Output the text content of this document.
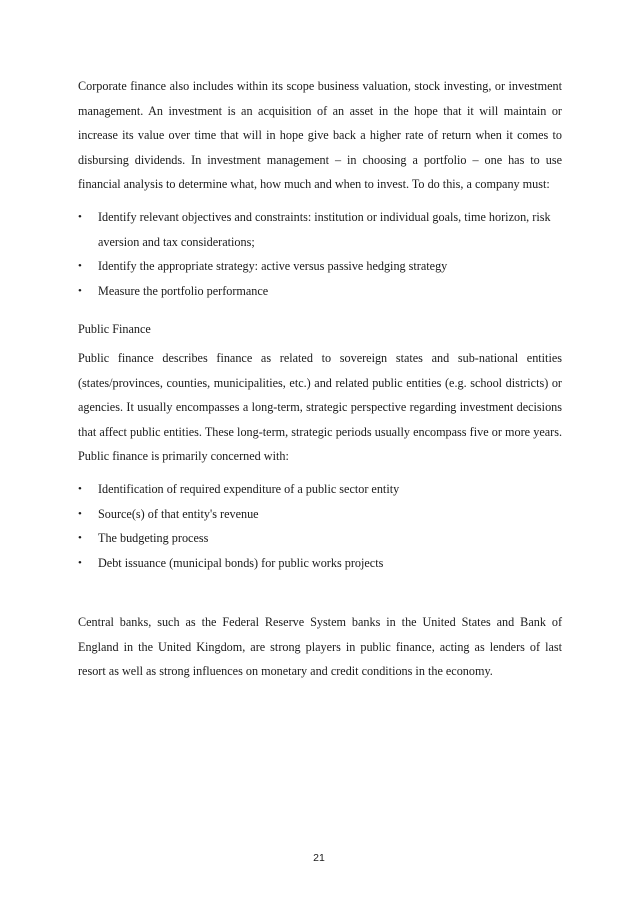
Corporate finance also includes within its scope business valuation, stock investing, or investment management. An investment is an acquisition of an asset in the hope that it will maintain or increase its value over time that will in hope give back a higher rate of return when it comes to disbursing dividends. In investment management – in choosing a portfolio – one has to use financial analysis to determine what, how much and when to invest. To do this, a company must:

• Identify relevant objectives and constraints: institution or individual goals, time horizon, risk aversion and tax considerations;
• Identify the appropriate strategy: active versus passive hedging strategy
• Measure the portfolio performance

Public Finance

Public finance describes finance as related to sovereign states and sub-national entities (states/provinces, counties, municipalities, etc.) and related public entities (e.g. school districts) or agencies. It usually encompasses a long-term, strategic perspective regarding investment decisions that affect public entities. These long-term, strategic periods usually encompass five or more years. Public finance is primarily concerned with:

• Identification of required expenditure of a public sector entity
• Source(s) of that entity's revenue
• The budgeting process
• Debt issuance (municipal bonds) for public works projects

Central banks, such as the Federal Reserve System banks in the United States and Bank of England in the United Kingdom, are strong players in public finance, acting as lenders of last resort as well as strong influences on monetary and credit conditions in the economy.

21
